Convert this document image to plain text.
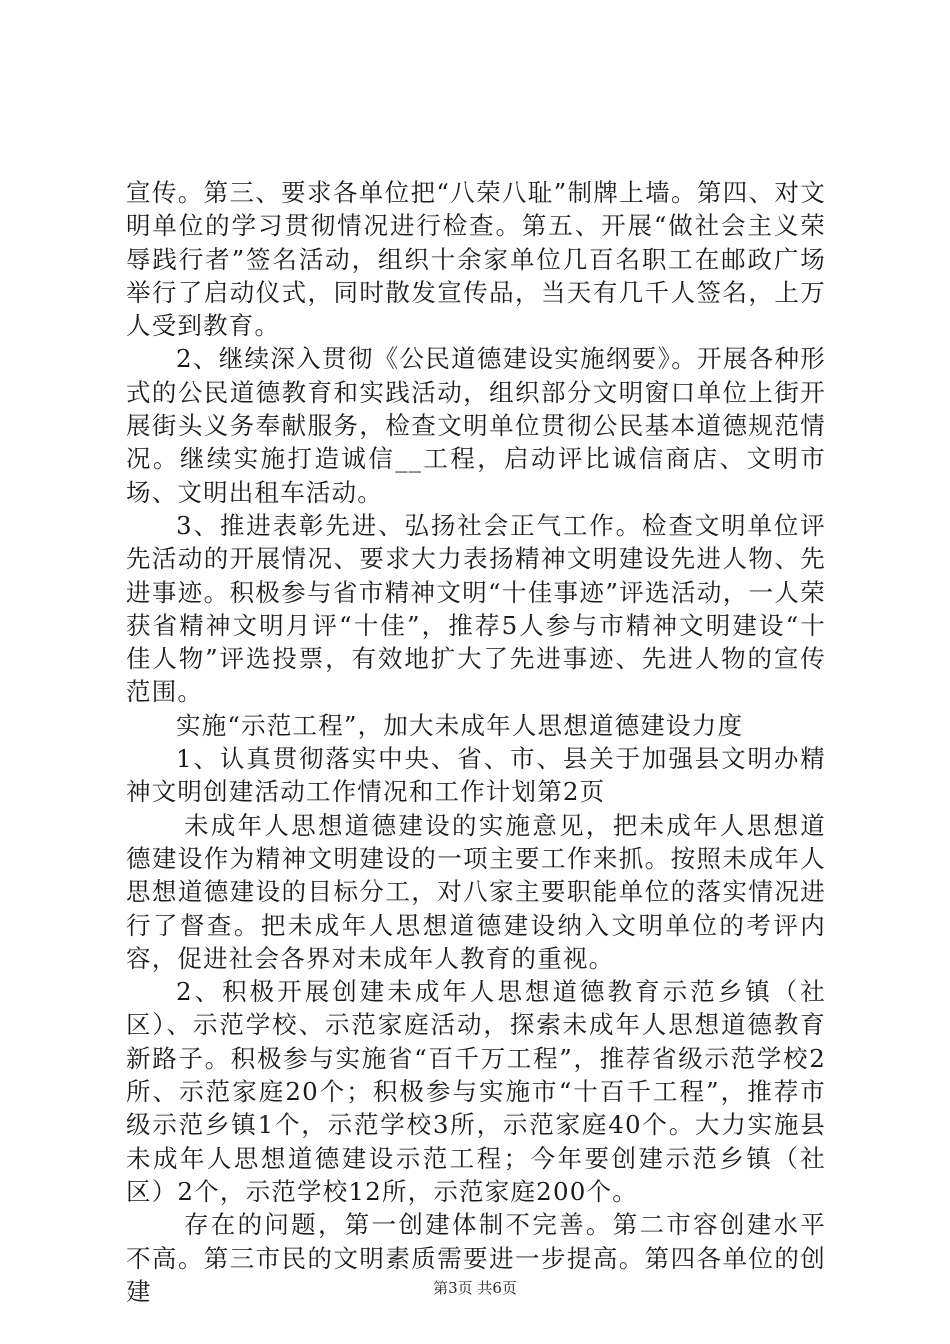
宣传。第三、要求各单位把“八荣八耻”制牌上墙。第四、对文明单位的学习贯彻情况进行检查。第五、开展“做社会主义荣辱践行者”签名活动，组织十余家单位几百名职工在邮政广场举行了启动仪式，同时散发宣传品，当天有几千人签名，上万人受到教育。

2、继续深入贯彻《公民道德建设实施纲要》。开展各种形式的公民道德教育和实践活动，组织部分文明窗口单位上街开展街头义务奉献服务，检查文明单位贯彻公民基本道德规范情况。继续实施打造诚信__工程，启动评比诚信商店、文明市场、文明出租车活动。

3、推进表彰先进、弘扬社会正气工作。检查文明单位评先活动的开展情况、要求大力表扬精神文明建设先进人物、先进事迹。积极参与省市精神文明“十佳事迹”评选活动，一人荣获省精神文明月评“十佳”，推荐5人参与市精神文明建设“十佳人物”评选投票，有效地扩大了先进事迹、先进人物的宣传范围。

实施“示范工程”，加大未成年人思想道德建设力度

1、认真贯彻落实中央、省、市、县关于加强县文明办精神文明创建活动工作情况和工作计划第2页

未成年人思想道德建设的实施意见，把未成年人思想道德建设作为精神文明建设的一项主要工作来抓。按照未成年人思想道德建设的目标分工，对八家主要职能单位的落实情况进行了督查。把未成年人思想道德建设纳入文明单位的考评内容，促进社会各界对未成年人教育的重视。

2、积极开展创建未成年人思想道德教育示范乡镇（社区）、示范学校、示范家庭活动，探索未成年人思想道德教育新路子。积极参与实施省“百千万工程”，推荐省级示范学校2所、示范家庭20个；积极参与实施市“十百千工程”，推荐市级示范乡镇1个，示范学校3所，示范家庭40个。大力实施县未成年人思想道德建设示范工程；今年要创建示范乡镇（社区）2个，示范学校12所，示范家庭200个。

存在的问题，第一创建体制不完善。第二市容创建水平不高。第三市民的文明素质需要进一步提高。第四各单位的创建	第3页 共6页
